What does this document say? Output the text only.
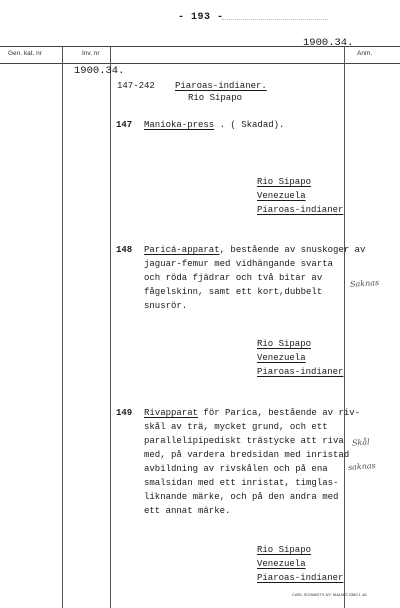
- 193 -
1900.34.
Gen. kat. nr	Inv. nr	Anm.
1900.34.
147-242 Piaroas-indianer.
Rio Sipapo
147 Manioka-press . ( Skadad).
Rio Sipapo
Venezuela
Piaroas-indianer
148 Paricá-apparat, bestående av snuskoger av
jaguar-femur med vidhängande svarta
och röda fjädrar och två bitar av
fågelskinn, samt ett kort,dubbelt
snusrör.
Saknas
Rio Sipapo
Venezuela
Piaroas-indianer
149 Rivapparat för Parica, bestående av riv-
skål av trä, mycket grund, och ett
parallelipipediskt trästycke att riva
med, på vardera bredsidan med inristad
avbildning av rivskålen och på ena
smalsidan med ett inristat, timglas-
liknande märke, och på den andra med
ett annat märke.
Skål
saknas
Rio Sipapo
Venezuela
Piaroas-indianer
CARL SCHMIDTS NY. MALMÖ 3389 1 48
